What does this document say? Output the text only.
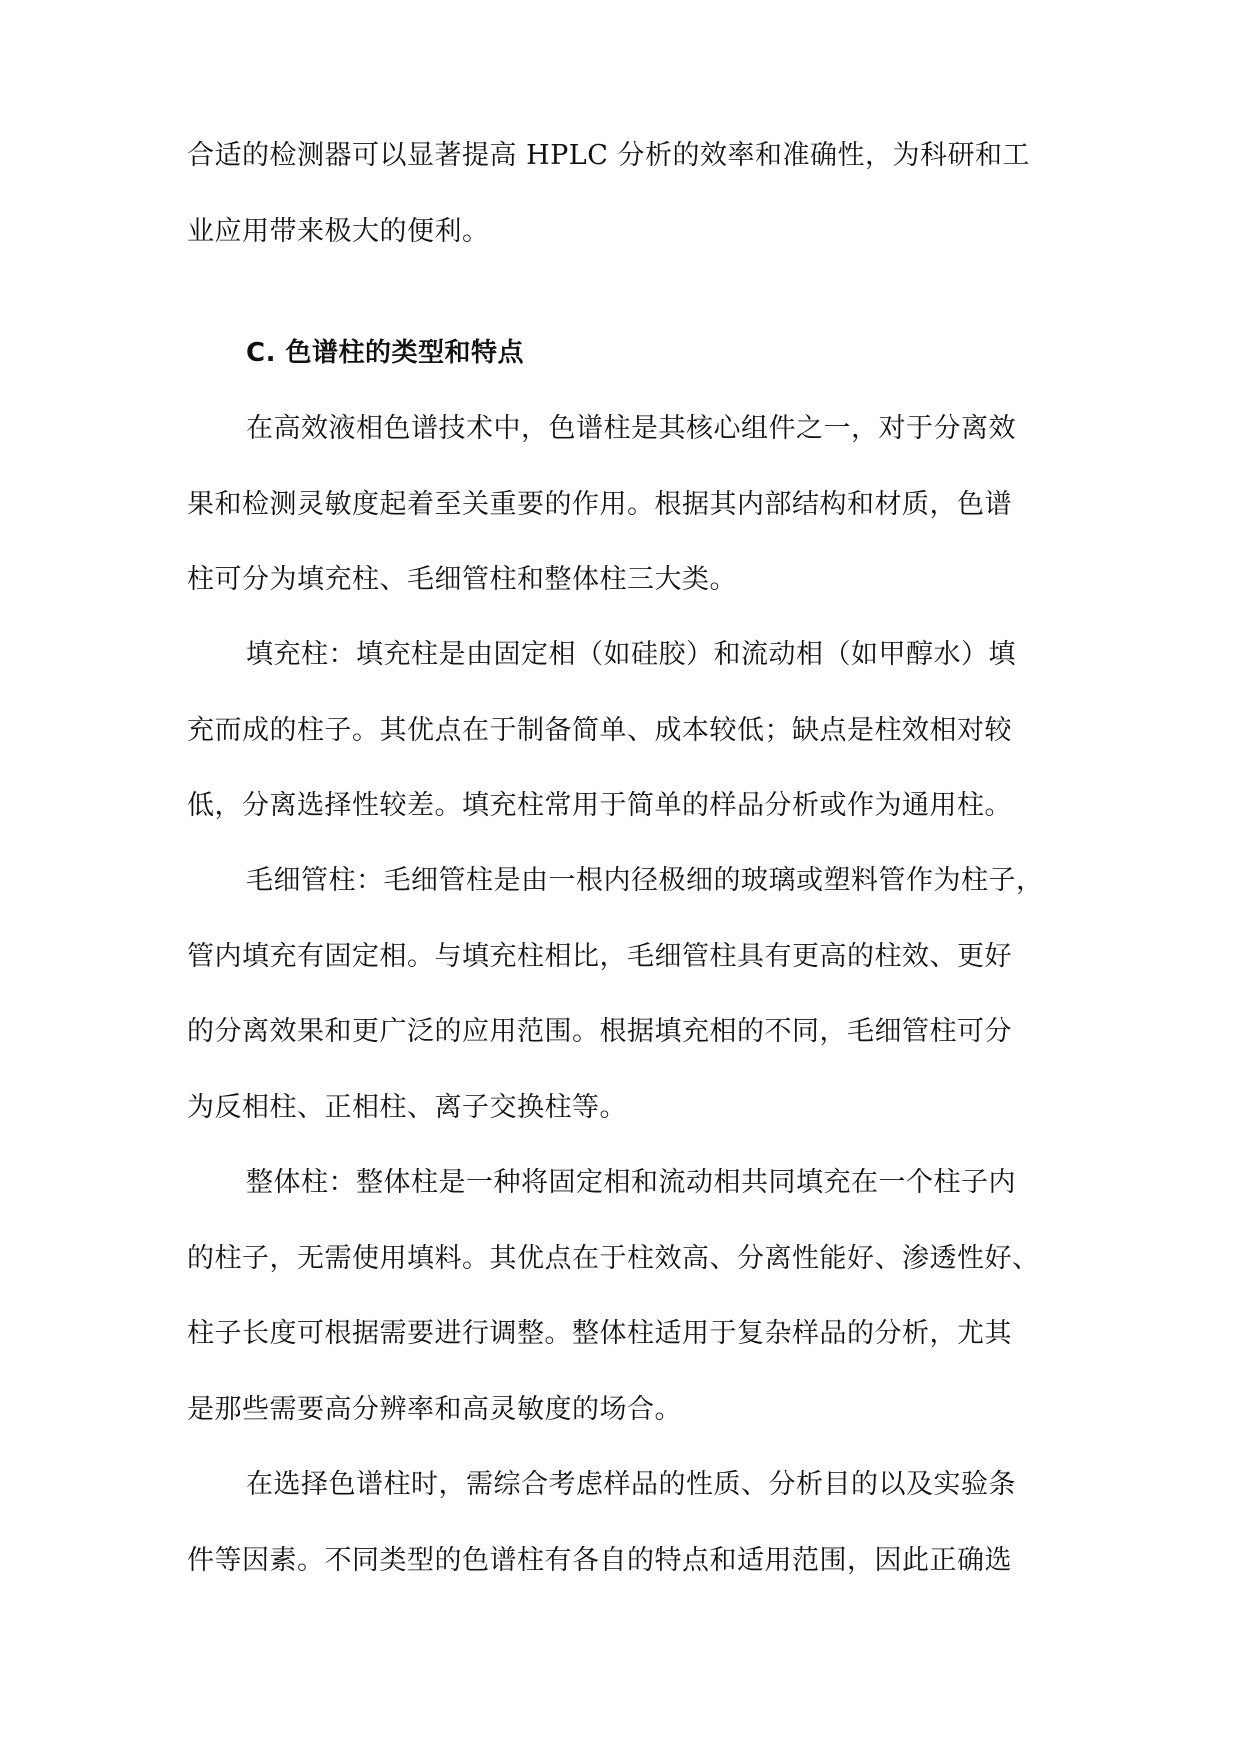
合适的检测器可以显著提高 HPLC 分析的效率和准确性，为科研和工
业应用带来极大的便利。
C. 色谱柱的类型和特点
在高效液相色谱技术中，色谱柱是其核心组件之一，对于分离效
果和检测灵敏度起着至关重要的作用。根据其内部结构和材质，色谱
柱可分为填充柱、毛细管柱和整体柱三大类。
填充柱：填充柱是由固定相（如硅胶）和流动相（如甲醇水）填
充而成的柱子。其优点在于制备简单、成本较低；缺点是柱效相对较
低，分离选择性较差。填充柱常用于简单的样品分析或作为通用柱。
毛细管柱：毛细管柱是由一根内径极细的玻璃或塑料管作为柱子，
管内填充有固定相。与填充柱相比，毛细管柱具有更高的柱效、更好
的分离效果和更广泛的应用范围。根据填充相的不同，毛细管柱可分
为反相柱、正相柱、离子交换柱等。
整体柱：整体柱是一种将固定相和流动相共同填充在一个柱子内
的柱子，无需使用填料。其优点在于柱效高、分离性能好、渗透性好、
柱子长度可根据需要进行调整。整体柱适用于复杂样品的分析，尤其
是那些需要高分辨率和高灵敏度的场合。
在选择色谱柱时，需综合考虑样品的性质、分析目的以及实验条
件等因素。不同类型的色谱柱有各自的特点和适用范围，因此正确选
